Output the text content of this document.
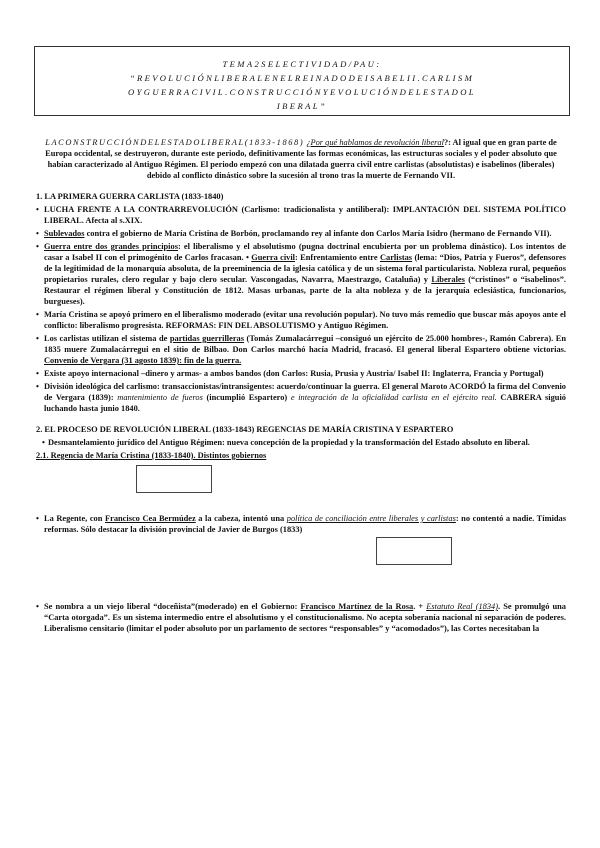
TEMA2SELECTIVIDAD/PAU:
“REVOLUCIÓNLIBERALENELREINADODEISABELII.CARLISM
OYGUERRACIVIL.CONSTRUCCIÓNYEVOLUCIÓNDELESTADOL
IBERAL”

LACONSTRUCCIÓNDELESTADOLIBERAL(1833-1868) ¿Por qué hablamos de revolución liberal?: Al igual que en gran parte de Europa occidental, se destruyeron, durante este periodo, definitivamente las formas económicas, las estructuras sociales y el poder absoluto que habían caracterizado al Antiguo Régimen. El periodo empezó con una dilatada guerra civil entre carlistas (absolutistas) e isabelinos (liberales) debido al conflicto dinástico sobre la sucesión al trono tras la muerte de Fernando VII.

1. LA PRIMERA GUERRA CARLISTA (1833-1840)

• LUCHA FRENTE A LA CONTRARREVOLUCIÓN (Carlismo: tradicionalista y antiliberal): IMPLANTACIÓN DEL SISTEMA POLÍTICO LIBERAL. Afecta al s.XIX.

• Sublevados contra el gobierno de María Cristina de Borbón, proclamando rey al infante don Carlos María Isidro (hermano de Fernando VII).

• Guerra entre dos grandes principios: el liberalismo y el absolutismo (pugna doctrinal encubierta por un problema dinástico). Los intentos de casar a Isabel II con el primogénito de Carlos fracasan. • Guerra civil: Enfrentamiento entre Carlistas (lema: “Dios, Patria y Fueros”, defensores de la legitimidad de la monarquía absoluta, de la preeminencia de la iglesia católica y de un sistema foral particularista. Nobleza rural, pequeños propietarios rurales, clero regular y bajo clero secular. Vascongadas, Navarra, Maestrazgo, Cataluña) y Liberales (“cristinos” o “isabelinos”. Restaurar el régimen liberal y Constitución de 1812. Masas urbanas, parte de la alta nobleza y de la jerarquía eclesiástica, funcionarios, burgueses).

• María Cristina se apoyó primero en el liberalismo moderado (evitar una revolución popular). No tuvo más remedio que buscar más apoyos ante el conflicto: liberalismo progresista. REFORMAS: FIN DEL ABSOLUTISMO y Antiguo Régimen.

• Los carlistas utilizan el sistema de partidas guerrilleras (Tomás Zumalacárregui –consiguó un ejército de 25.000 hombres-, Ramón Cabrera). En 1835 muere Zumalacárregui en el sitio de Bilbao. Don Carlos marchó hacía Madrid, fracasó. El general liberal Espartero obtiene victorias. Convenio de Vergara (31 agosto 1839): fin de la guerra.

• Existe apoyo internacional –dinero y armas- a ambos bandos (don Carlos: Rusia, Prusia y Austria/ Isabel II: Inglaterra, Francia y Portugal)

• División ideológica del carlismo: transaccionistas/intransigentes: acuerdo/continuar la guerra. El general Maroto ACORDÓ la firma del Convenio de Vergara (1839): mantenimiento de fueros (incumplió Espartero) e integración de la oficialidad carlista en el ejército real. CABRERA siguió luchando hasta junio 1840.

2. EL PROCESO DE REVOLUCIÓN LIBERAL (1833-1843) REGENCIAS DE MARÍA CRISTINA Y ESPARTERO

• Desmantelamiento jurídico del Antiguo Régimen: nueva concepción de la propiedad y la transformación del Estado absoluto en liberal.

2.1. Regencia de María Cristina (1833-1840). Distintos gobiernos

• La Regente, con Francisco Cea Bermúdez a la cabeza, intentó una política de conciliación entre liberales y carlistas: no contentó a nadie. Tímidas reformas. Sólo destacar la división provincial de Javier de Burgos (1833)

• Se nombra a un viejo liberal “doceñista”(moderado) en el Gobierno: Francisco Martínez de la Rosa. + Estatuto Real (1834). Se promulgó una “Carta otorgada”. Es un sistema intermedio entre el absolutismo y el constitucionalismo. No acepta soberanía nacional ni separación de poderes. Liberalismo censitario (limitar el poder absoluto por un parlamento de sectores “responsables” y “acomodados”), las Cortes necesitaban la
